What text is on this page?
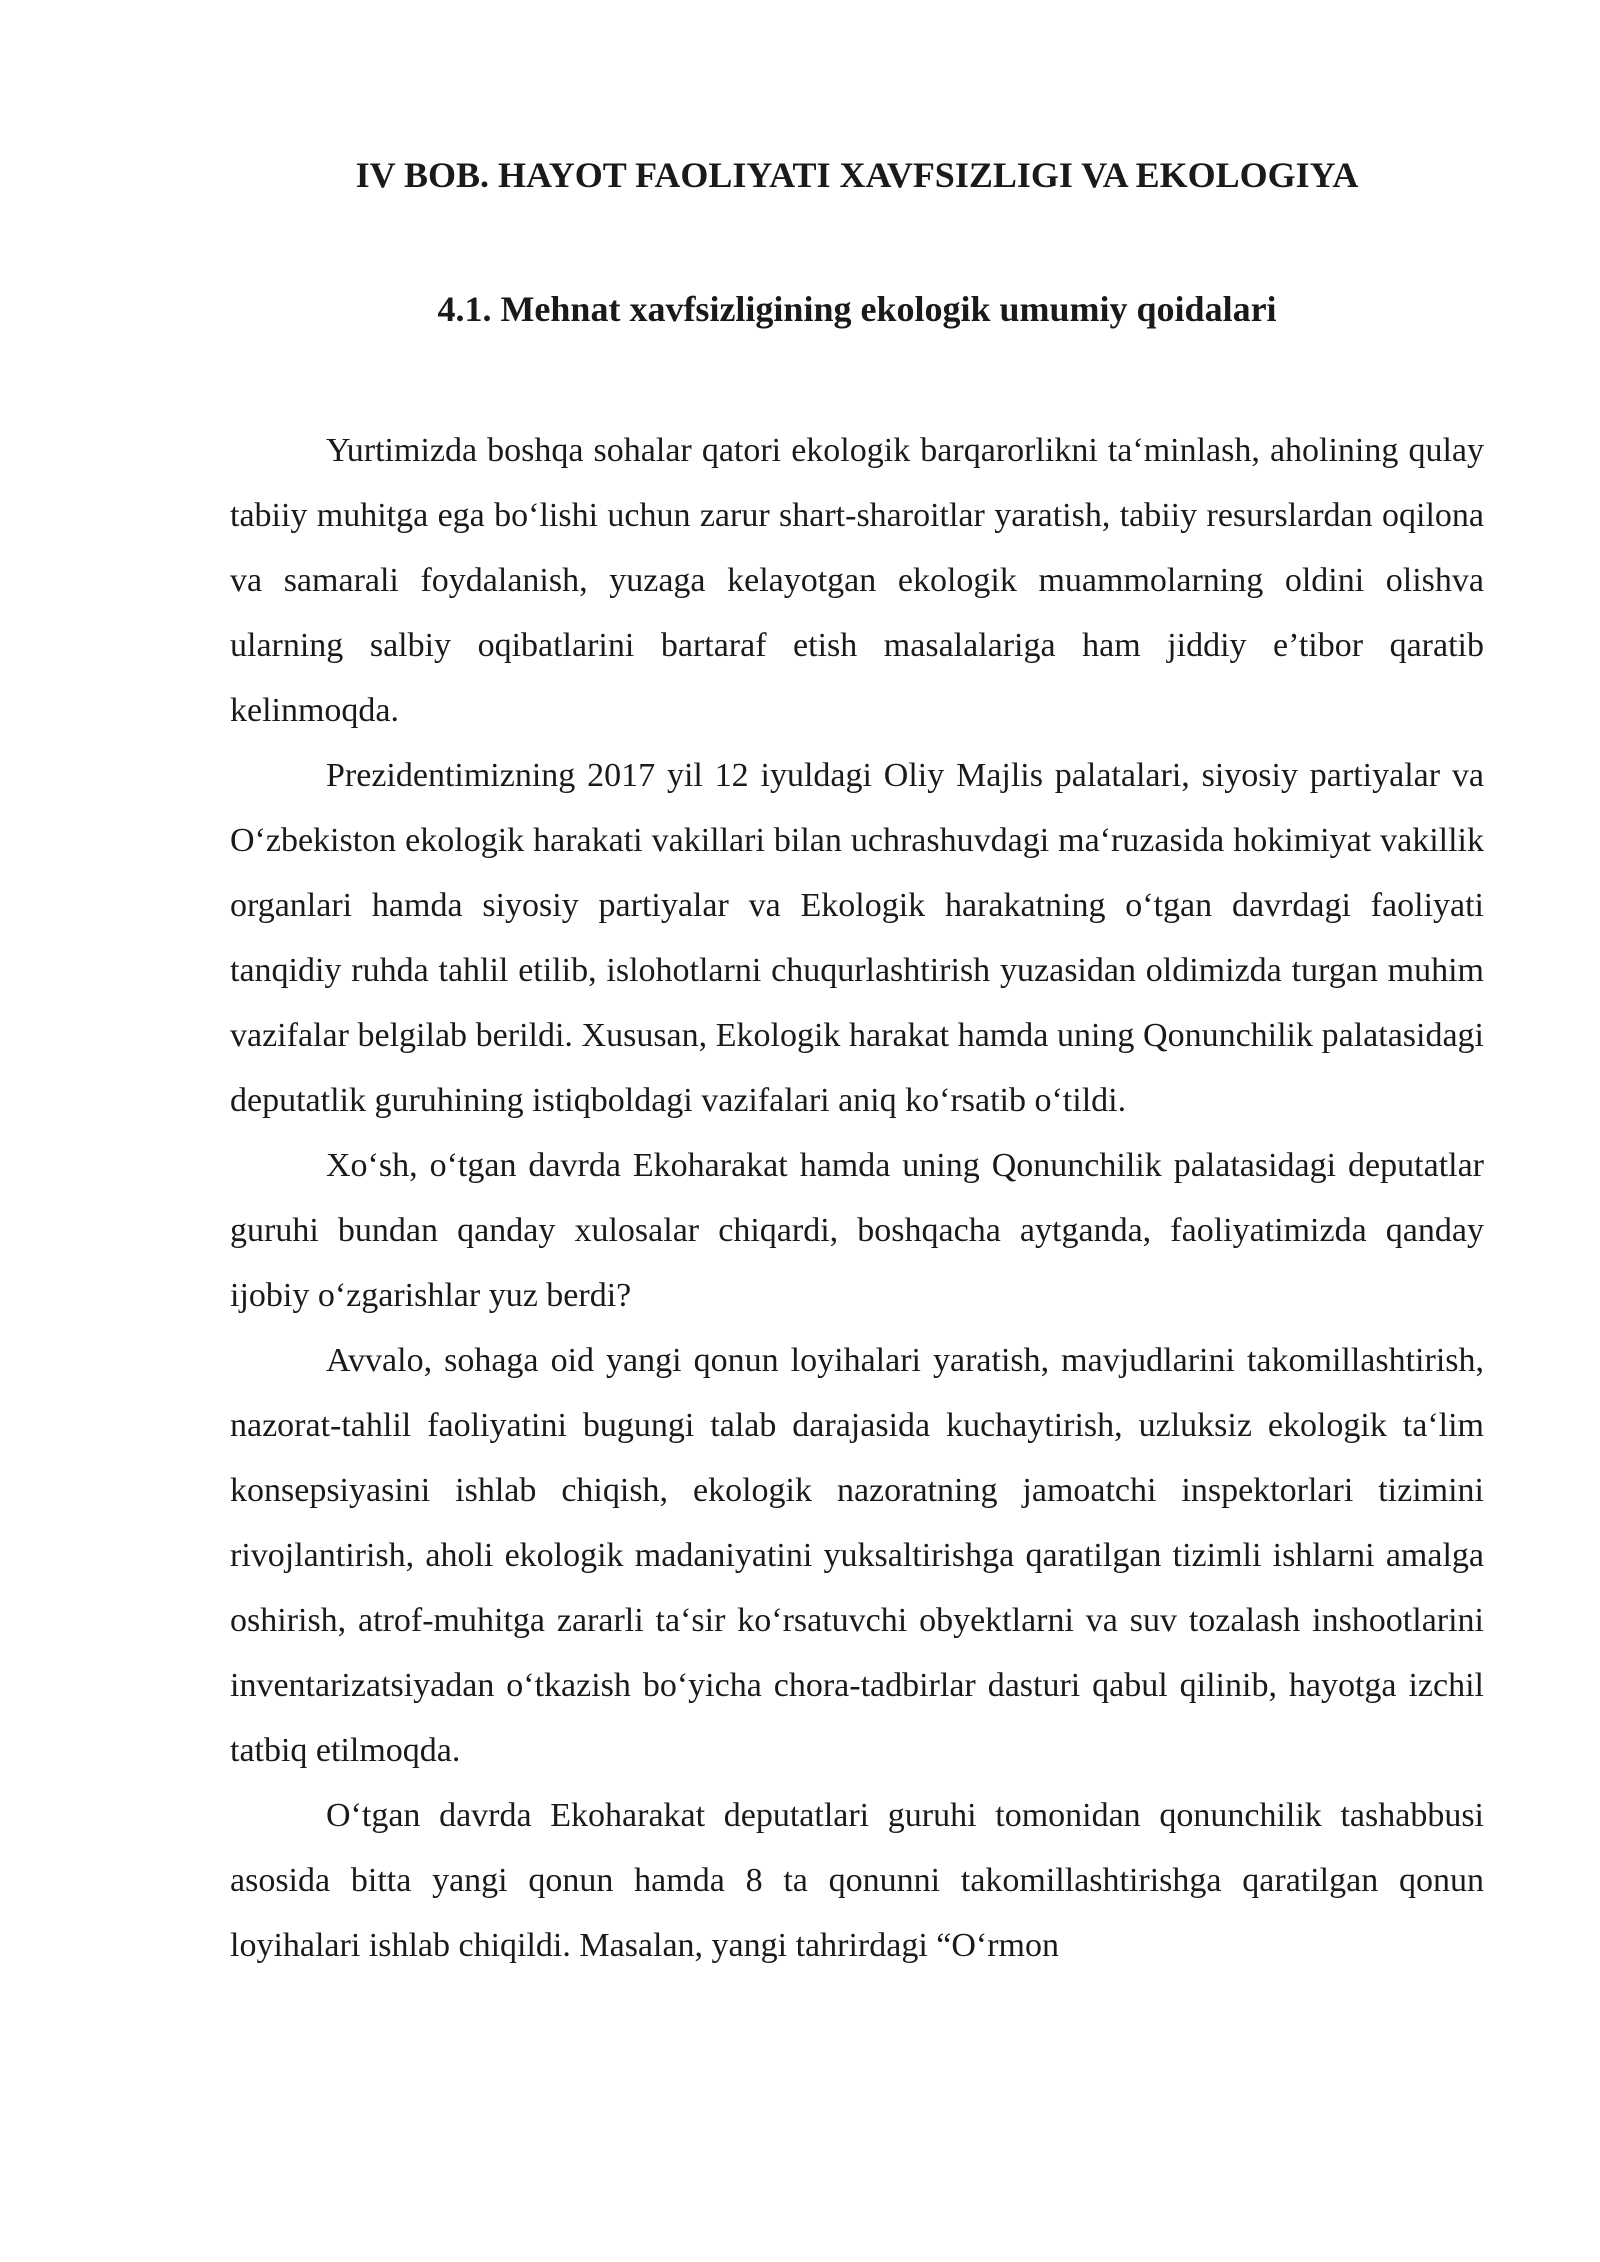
IV BOB. HAYOT FAOLIYATI XAVFSIZLIGI VA EKOLOGIYA
4.1. Mehnat xavfsizligining ekologik umumiy qoidalari

Yurtimizda boshqa sohalar qatori ekologik barqarorlikni ta‘minlash, aholining qulay tabiiy muhitga ega bo‘lishi uchun zarur shart-sharoitlar yaratish, tabiiy resurslardan oqilona va samarali foydalanish, yuzaga kelayotgan ekologik muammolarning oldini olishva ularning salbiy oqibatlarini bartaraf etish masalalariga ham jiddiy e’tibor qaratib kelinmoqda.

Prezidentimizning 2017 yil 12 iyuldagi Oliy Majlis palatalari, siyosiy partiyalar va O‘zbekiston ekologik harakati vakillari bilan uchrashuvdagi ma‘ruzasida hokimiyat vakillik organlari hamda siyosiy partiyalar va Ekologik harakatning o‘tgan davrdagi faoliyati tanqidiy ruhda tahlil etilib, islohotlarni chuqurlashtirish yuzasidan oldimizda turgan muhim vazifalar belgilab berildi. Xususan, Ekologik harakat hamda uning Qonunchilik palatasidagi deputatlik guruhining istiqboldagi vazifalari aniq ko‘rsatib o‘tildi.

Xo‘sh, o‘tgan davrda Ekoharakat hamda uning Qonunchilik palatasidagi deputatlar guruhi bundan qanday xulosalar chiqardi, boshqacha aytganda, faoliyatimizda qanday ijobiy o‘zgarishlar yuz berdi?

Avvalo, sohaga oid yangi qonun loyihalari yaratish, mavjudlarini takomillashtirish, nazorat-tahlil faoliyatini bugungi talab darajasida kuchaytirish, uzluksiz ekologik ta‘lim konsepsiyasini ishlab chiqish, ekologik nazoratning jamoatchi inspektorlari tizimini rivojlantirish, aholi ekologik madaniyatini yuksaltirishga qaratilgan tizimli ishlarni amalga oshirish, atrof-muhitga zararli ta‘sir ko‘rsatuvchi obyektlarni va suv tozalash inshootlarini inventarizatsiyadan o‘tkazish bo‘yicha chora-tadbirlar dasturi qabul qilinib, hayotga izchil tatbiq etilmoqda.

O‘tgan davrda Ekoharakat deputatlari guruhi tomonidan qonunchilik tashabbusi asosida bitta yangi qonun hamda 8 ta qonunni takomillashtirishga qaratilgan qonun loyihalari ishlab chiqildi. Masalan, yangi tahrirdagi “O‘rmon
